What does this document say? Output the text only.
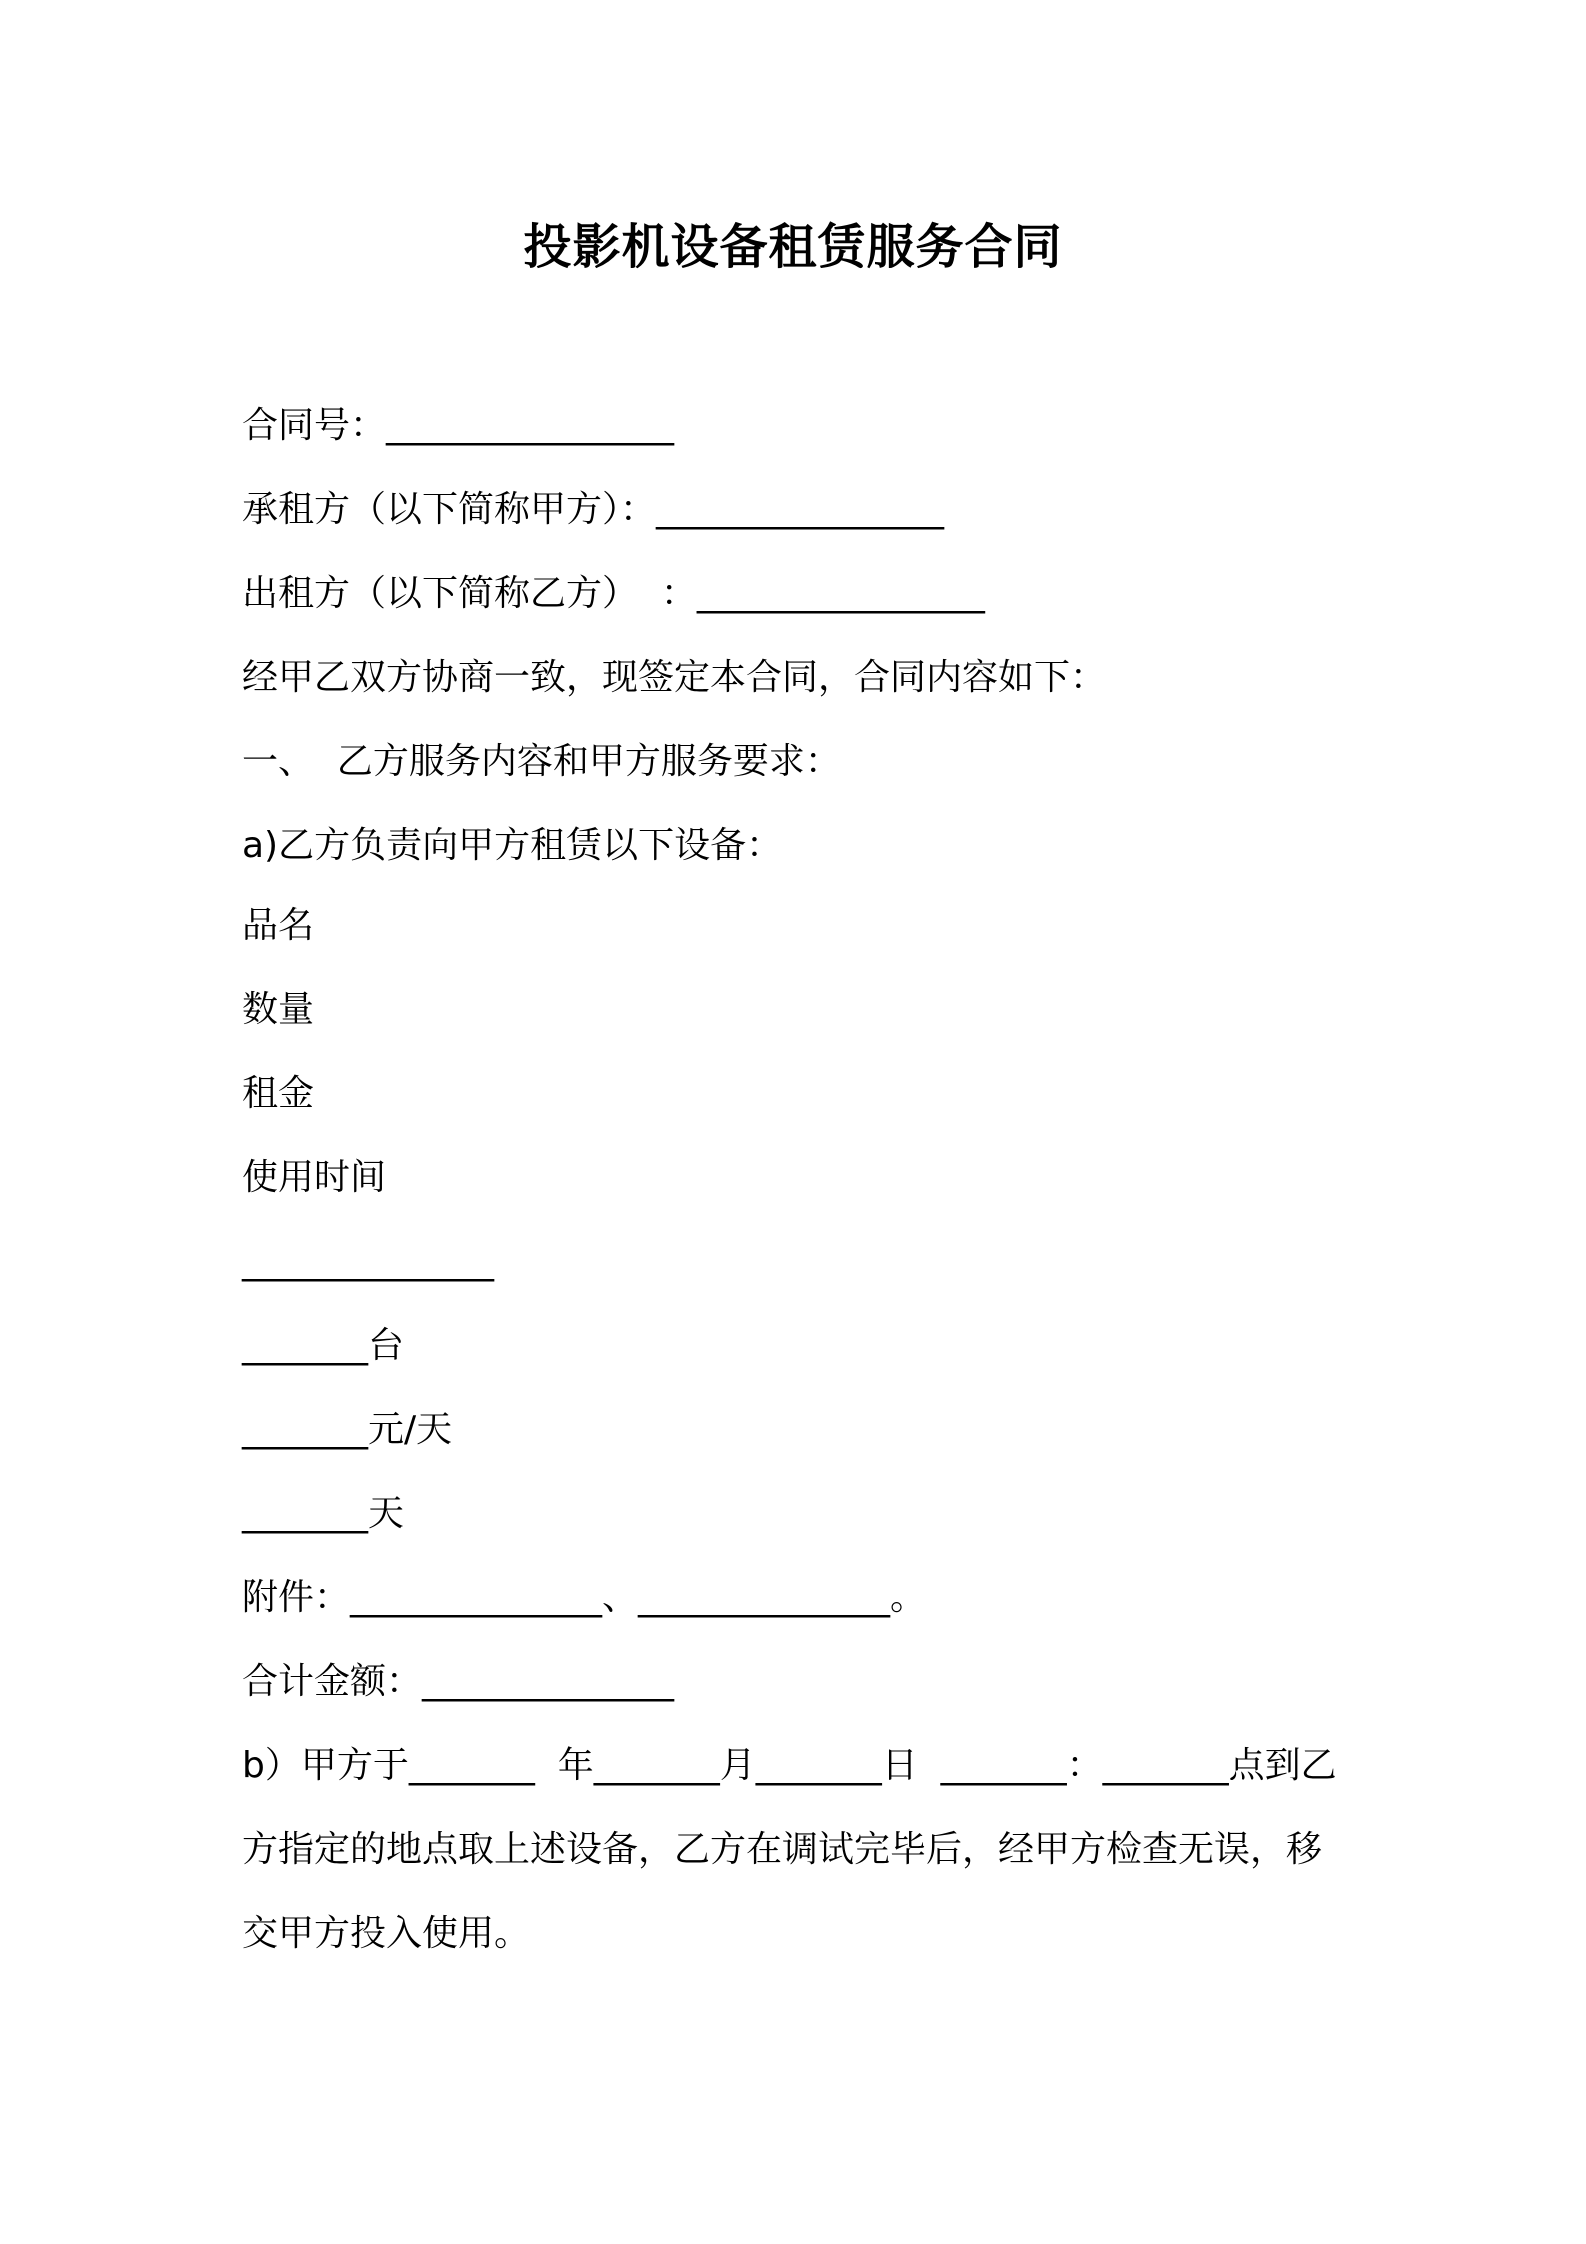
投影机设备租赁服务合同
合同号：________________
承租方（以下简称甲方）：________________
出租方（以下简称乙方）  ：________________
经甲乙双方协商一致，现签定本合同，合同内容如下：
一、  乙方服务内容和甲方服务要求：
a)乙方负责向甲方租赁以下设备：
品名
数量
租金
使用时间
______________
_______台
_______元/天
_______天
附件：______________、______________。
合计金额：______________
b）甲方于_______  年_______月_______日  _______：_______点到乙
方指定的地点取上述设备，乙方在调试完毕后，经甲方检查无误，移
交甲方投入使用。
